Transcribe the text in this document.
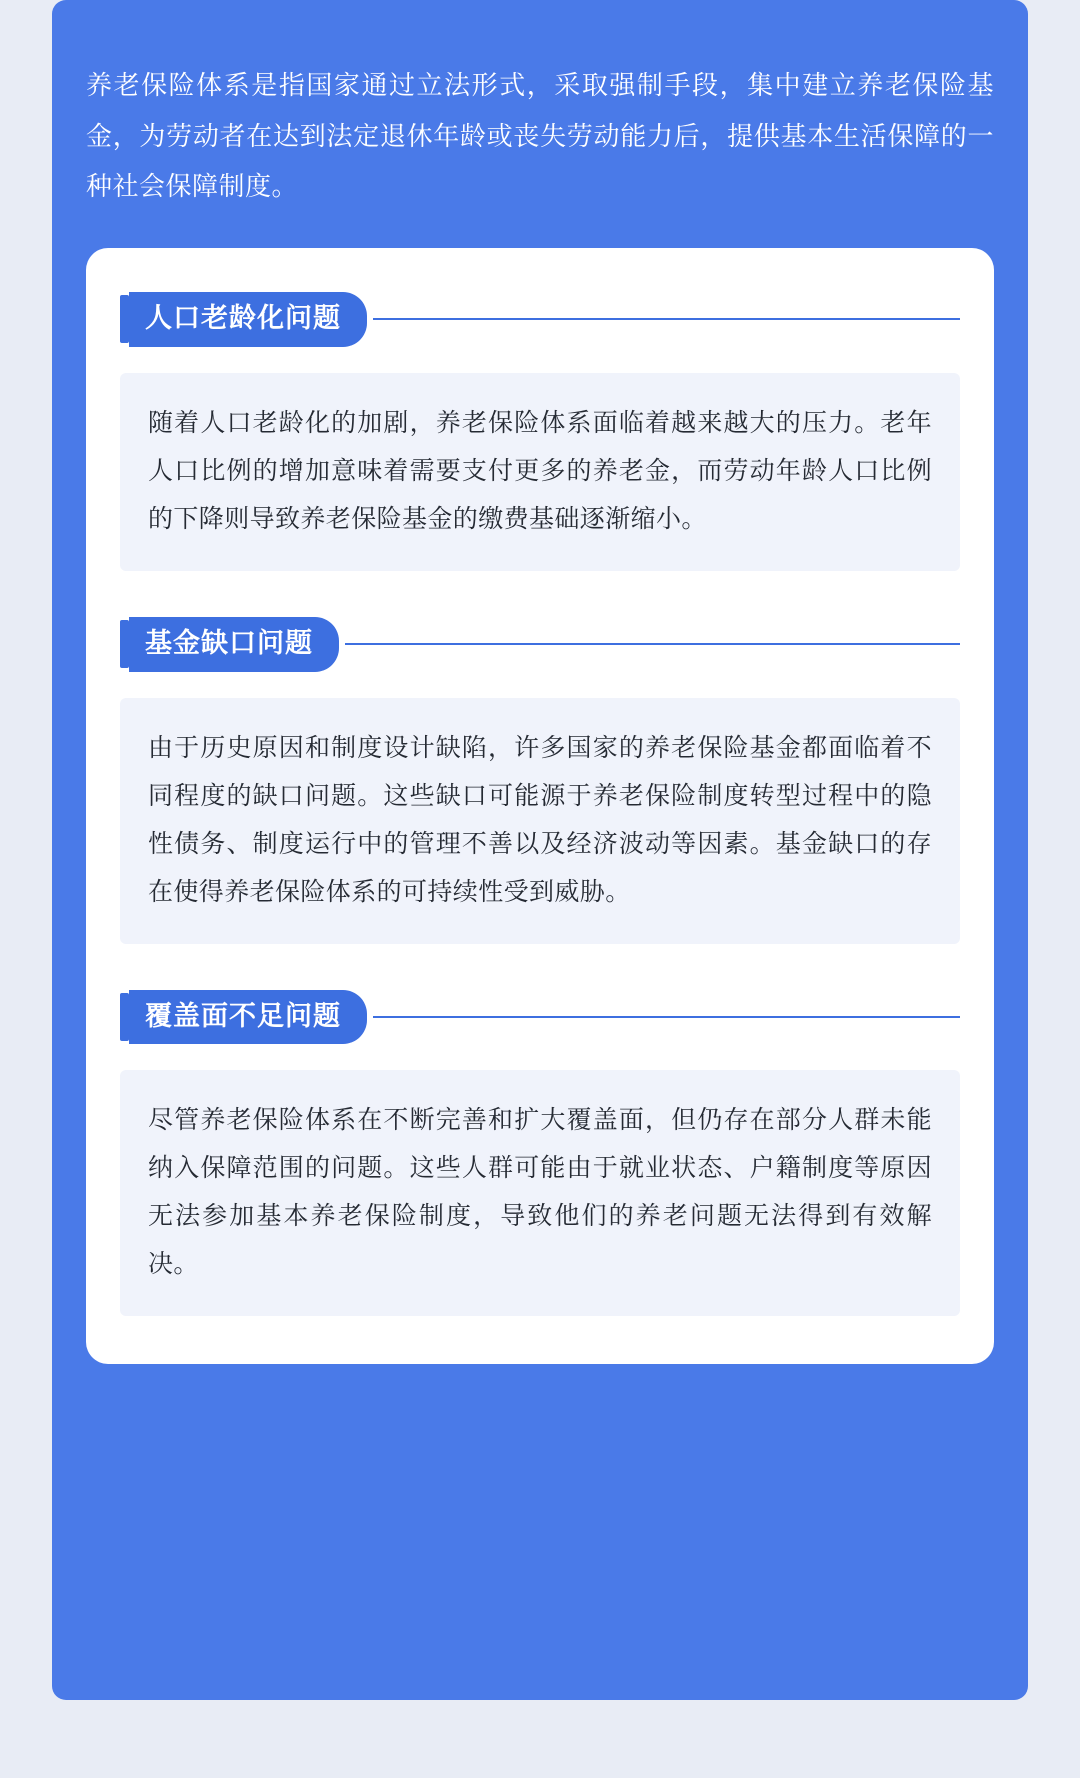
养老保险体系是指国家通过立法形式，采取强制手段，集中建立养老保险基金，为劳动者在达到法定退休年龄或丧失劳动能力后，提供基本生活保障的一种社会保障制度。

人口老龄化问题
随着人口老龄化的加剧，养老保险体系面临着越来越大的压力。老年人口比例的增加意味着需要支付更多的养老金，而劳动年龄人口比例的下降则导致养老保险基金的缴费基础逐渐缩小。
基金缺口问题
由于历史原因和制度设计缺陷，许多国家的养老保险基金都面临着不同程度的缺口问题。这些缺口可能源于养老保险制度转型过程中的隐性债务、制度运行中的管理不善以及经济波动等因素。基金缺口的存在使得养老保险体系的可持续性受到威胁。
覆盖面不足问题
尽管养老保险体系在不断完善和扩大覆盖面，但仍存在部分人群未能纳入保障范围的问题。这些人群可能由于就业状态、户籍制度等原因无法参加基本养老保险制度，导致他们的养老问题无法得到有效解决。
